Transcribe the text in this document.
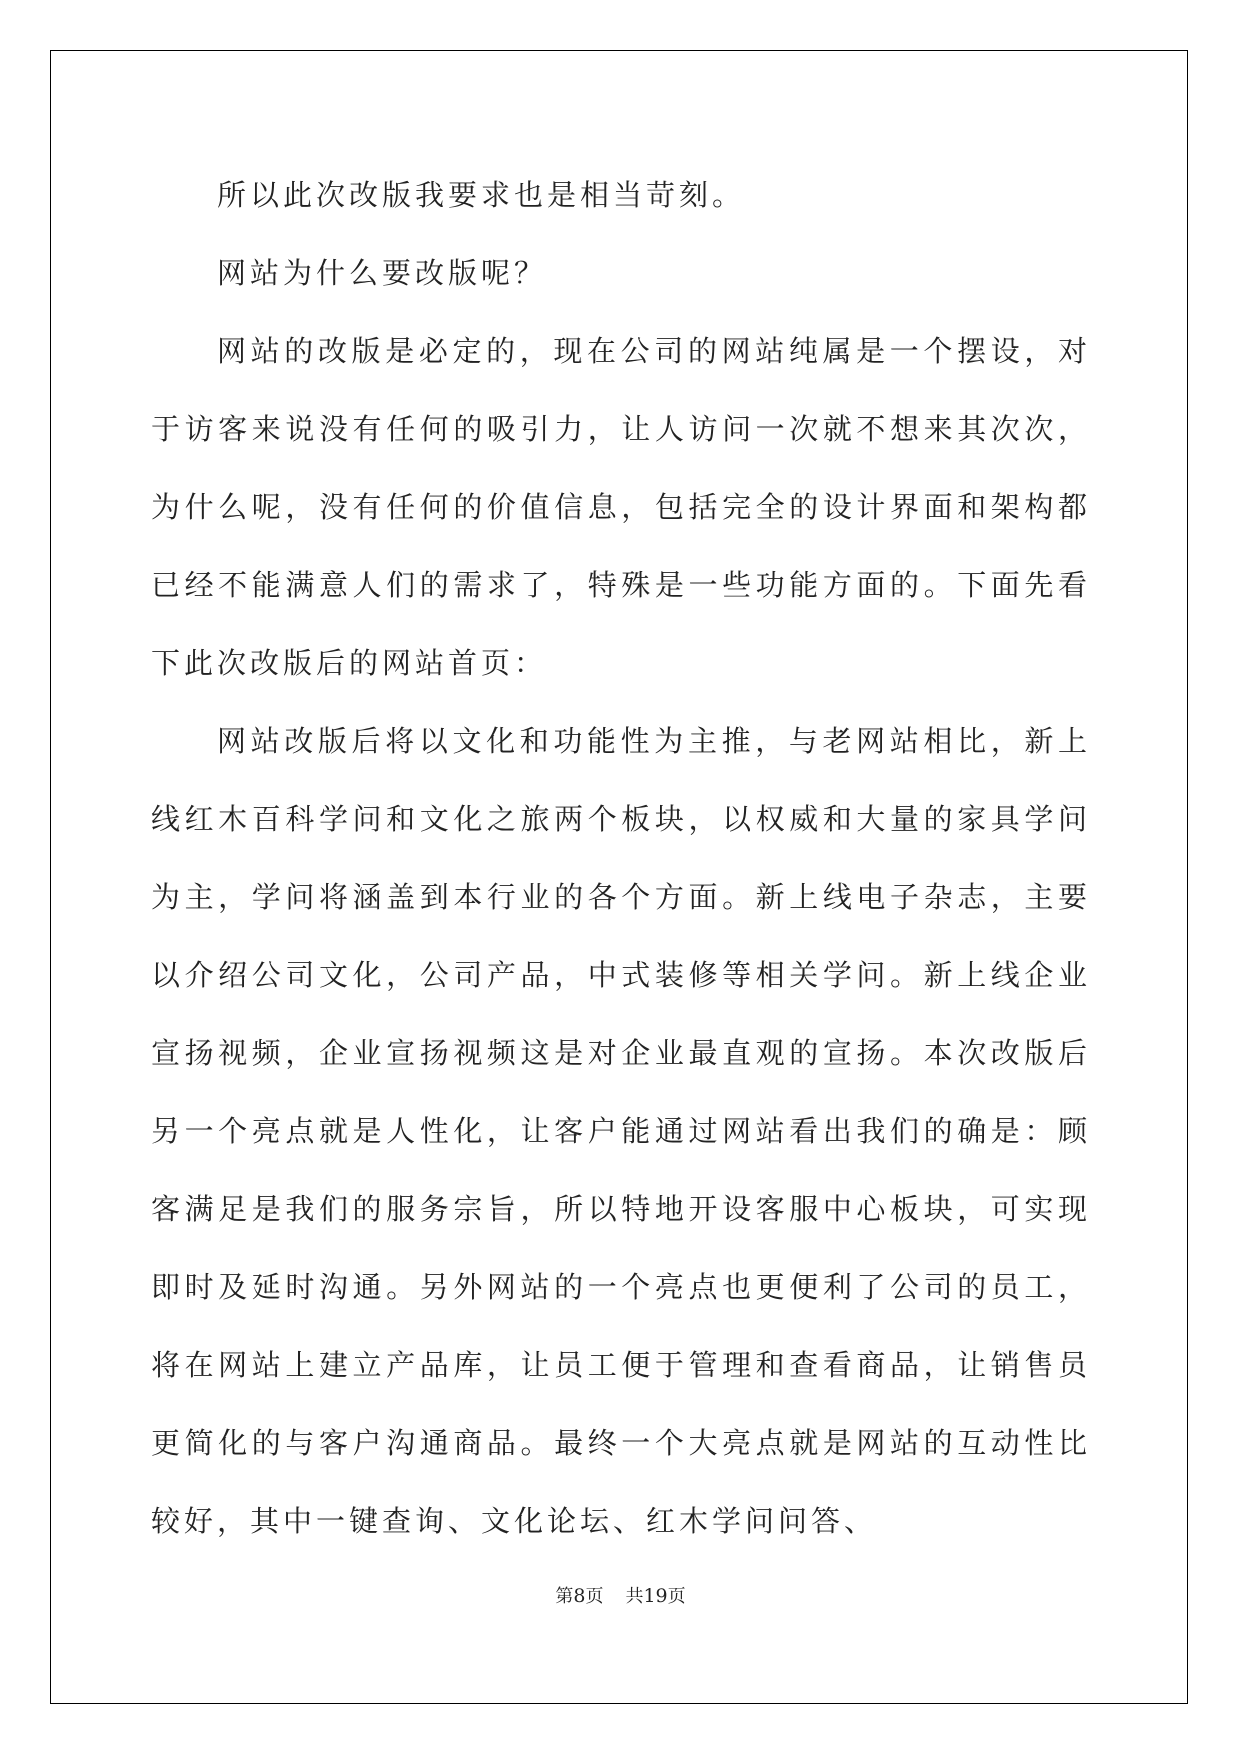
所以此次改版我要求也是相当苛刻。

网站为什么要改版呢？

网站的改版是必定的，现在公司的网站纯属是一个摆设，对于访客来说没有任何的吸引力，让人访问一次就不想来其次次，为什么呢，没有任何的价值信息，包括完全的设计界面和架构都已经不能满意人们的需求了，特殊是一些功能方面的。下面先看下此次改版后的网站首页：

网站改版后将以文化和功能性为主推，与老网站相比，新上线红木百科学问和文化之旅两个板块，以权威和大量的家具学问为主，学问将涵盖到本行业的各个方面。新上线电子杂志，主要以介绍公司文化，公司产品，中式装修等相关学问。新上线企业宣扬视频，企业宣扬视频这是对企业最直观的宣扬。本次改版后另一个亮点就是人性化，让客户能通过网站看出我们的确是：顾客满足是我们的服务宗旨，所以特地开设客服中心板块，可实现即时及延时沟通。另外网站的一个亮点也更便利了公司的员工，将在网站上建立产品库，让员工便于管理和查看商品，让销售员更简化的与客户沟通商品。最终一个大亮点就是网站的互动性比较好，其中一键查询、文化论坛、红木学问问答、

第8页 共19页
